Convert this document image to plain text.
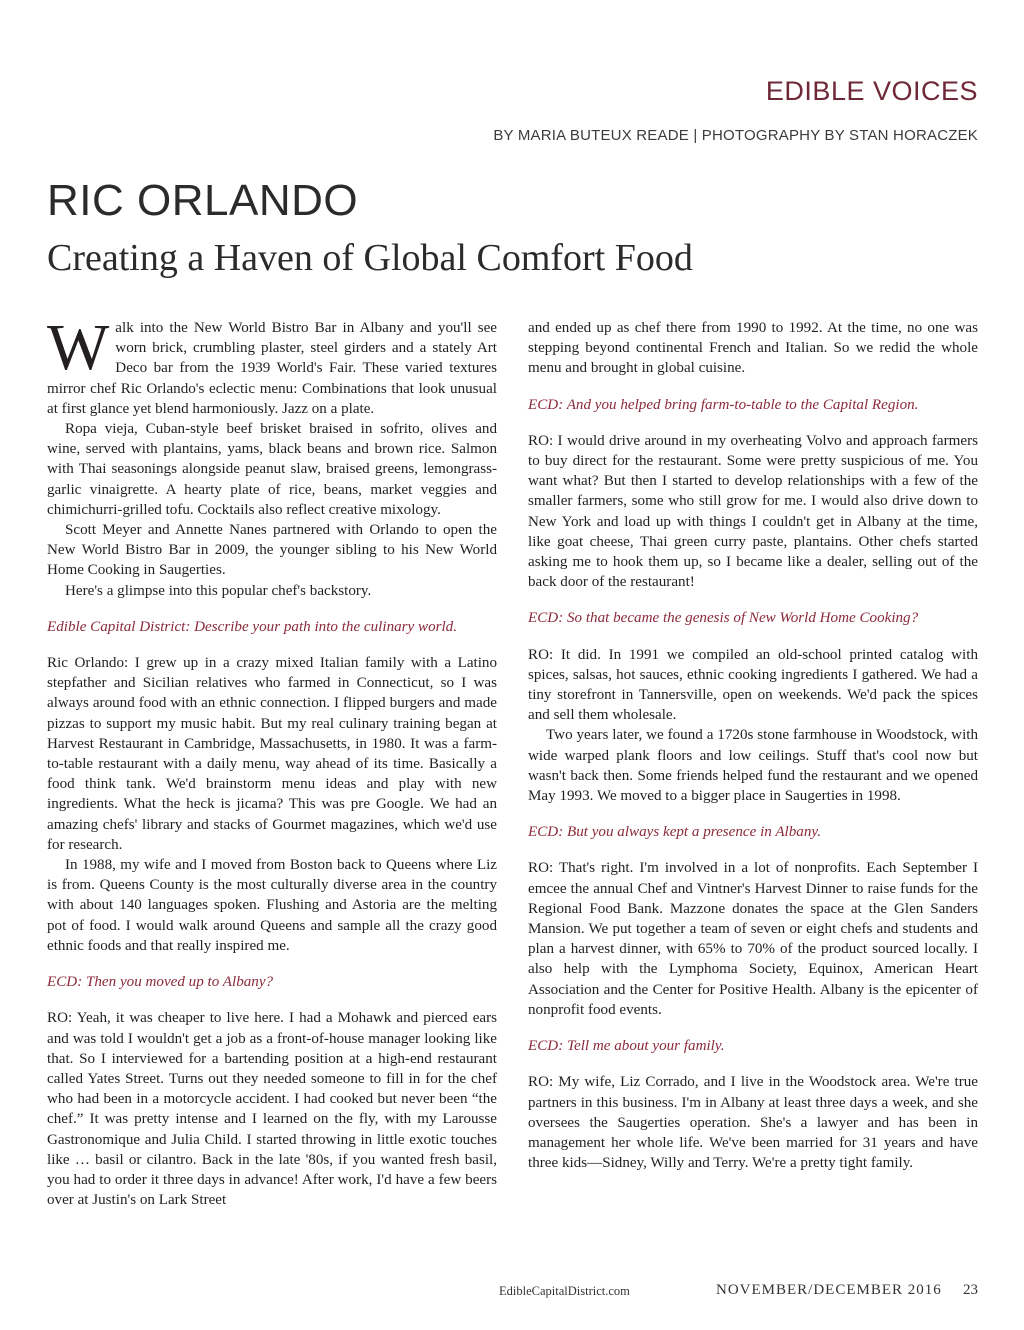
EDIBLE VOICES
BY MARIA BUTEUX READE | PHOTOGRAPHY BY STAN HORACZEK
RIC ORLANDO
Creating a Haven of Global Comfort Food

Walk into the New World Bistro Bar in Albany and you'll see worn brick, crumbling plaster, steel girders and a stately Art Deco bar from the 1939 World's Fair. These varied textures mirror chef Ric Orlando's eclectic menu: Combinations that look unusual at first glance yet blend harmoniously. Jazz on a plate.

Ropa vieja, Cuban-style beef brisket braised in sofrito, olives and wine, served with plantains, yams, black beans and brown rice. Salmon with Thai seasonings alongside peanut slaw, braised greens, lemongrass-garlic vinaigrette. A hearty plate of rice, beans, market veggies and chimichurri-grilled tofu. Cocktails also reflect creative mixology.

Scott Meyer and Annette Nanes partnered with Orlando to open the New World Bistro Bar in 2009, the younger sibling to his New World Home Cooking in Saugerties.

Here's a glimpse into this popular chef's backstory.

Edible Capital District: Describe your path into the culinary world.

Ric Orlando: I grew up in a crazy mixed Italian family with a Latino stepfather and Sicilian relatives who farmed in Connecticut, so I was always around food with an ethnic connection. I flipped burgers and made pizzas to support my music habit. But my real culinary training began at Harvest Restaurant in Cambridge, Massachusetts, in 1980. It was a farm-to-table restaurant with a daily menu, way ahead of its time. Basically a food think tank. We'd brainstorm menu ideas and play with new ingredients. What the heck is jicama? This was pre Google. We had an amazing chefs' library and stacks of Gourmet magazines, which we'd use for research.

In 1988, my wife and I moved from Boston back to Queens where Liz is from. Queens County is the most culturally diverse area in the country with about 140 languages spoken. Flushing and Astoria are the melting pot of food. I would walk around Queens and sample all the crazy good ethnic foods and that really inspired me.

ECD: Then you moved up to Albany?

RO: Yeah, it was cheaper to live here. I had a Mohawk and pierced ears and was told I wouldn't get a job as a front-of-house manager looking like that. So I interviewed for a bartending position at a high-end restaurant called Yates Street. Turns out they needed someone to fill in for the chef who had been in a motorcycle accident. I had cooked but never been “the chef.” It was pretty intense and I learned on the fly, with my Larousse Gastronomique and Julia Child. I started throwing in little exotic touches like … basil or cilantro. Back in the late '80s, if you wanted fresh basil, you had to order it three days in advance! After work, I'd have a few beers over at Justin's on Lark Street

and ended up as chef there from 1990 to 1992. At the time, no one was stepping beyond continental French and Italian. So we redid the whole menu and brought in global cuisine.

ECD: And you helped bring farm-to-table to the Capital Region.

RO: I would drive around in my overheating Volvo and approach farmers to buy direct for the restaurant. Some were pretty suspicious of me. You want what? But then I started to develop relationships with a few of the smaller farmers, some who still grow for me. I would also drive down to New York and load up with things I couldn't get in Albany at the time, like goat cheese, Thai green curry paste, plantains. Other chefs started asking me to hook them up, so I became like a dealer, selling out of the back door of the restaurant!

ECD: So that became the genesis of New World Home Cooking?

RO: It did. In 1991 we compiled an old-school printed catalog with spices, salsas, hot sauces, ethnic cooking ingredients I gathered. We had a tiny storefront in Tannersville, open on weekends. We'd pack the spices and sell them wholesale.

Two years later, we found a 1720s stone farmhouse in Woodstock, with wide warped plank floors and low ceilings. Stuff that's cool now but wasn't back then. Some friends helped fund the restaurant and we opened May 1993. We moved to a bigger place in Saugerties in 1998.

ECD: But you always kept a presence in Albany.

RO: That's right. I'm involved in a lot of nonprofits. Each September I emcee the annual Chef and Vintner's Harvest Dinner to raise funds for the Regional Food Bank. Mazzone donates the space at the Glen Sanders Mansion. We put together a team of seven or eight chefs and students and plan a harvest dinner, with 65% to 70% of the product sourced locally. I also help with the Lymphoma Society, Equinox, American Heart Association and the Center for Positive Health. Albany is the epicenter of nonprofit food events.

ECD: Tell me about your family.

RO: My wife, Liz Corrado, and I live in the Woodstock area. We're true partners in this business. I'm in Albany at least three days a week, and she oversees the Saugerties operation. She's a lawyer and has been in management her whole life. We've been married for 31 years and have three kids—Sidney, Willy and Terry. We're a pretty tight family.

EdibleCapitalDistrict.com	NOVEMBER/DECEMBER 2016 23
